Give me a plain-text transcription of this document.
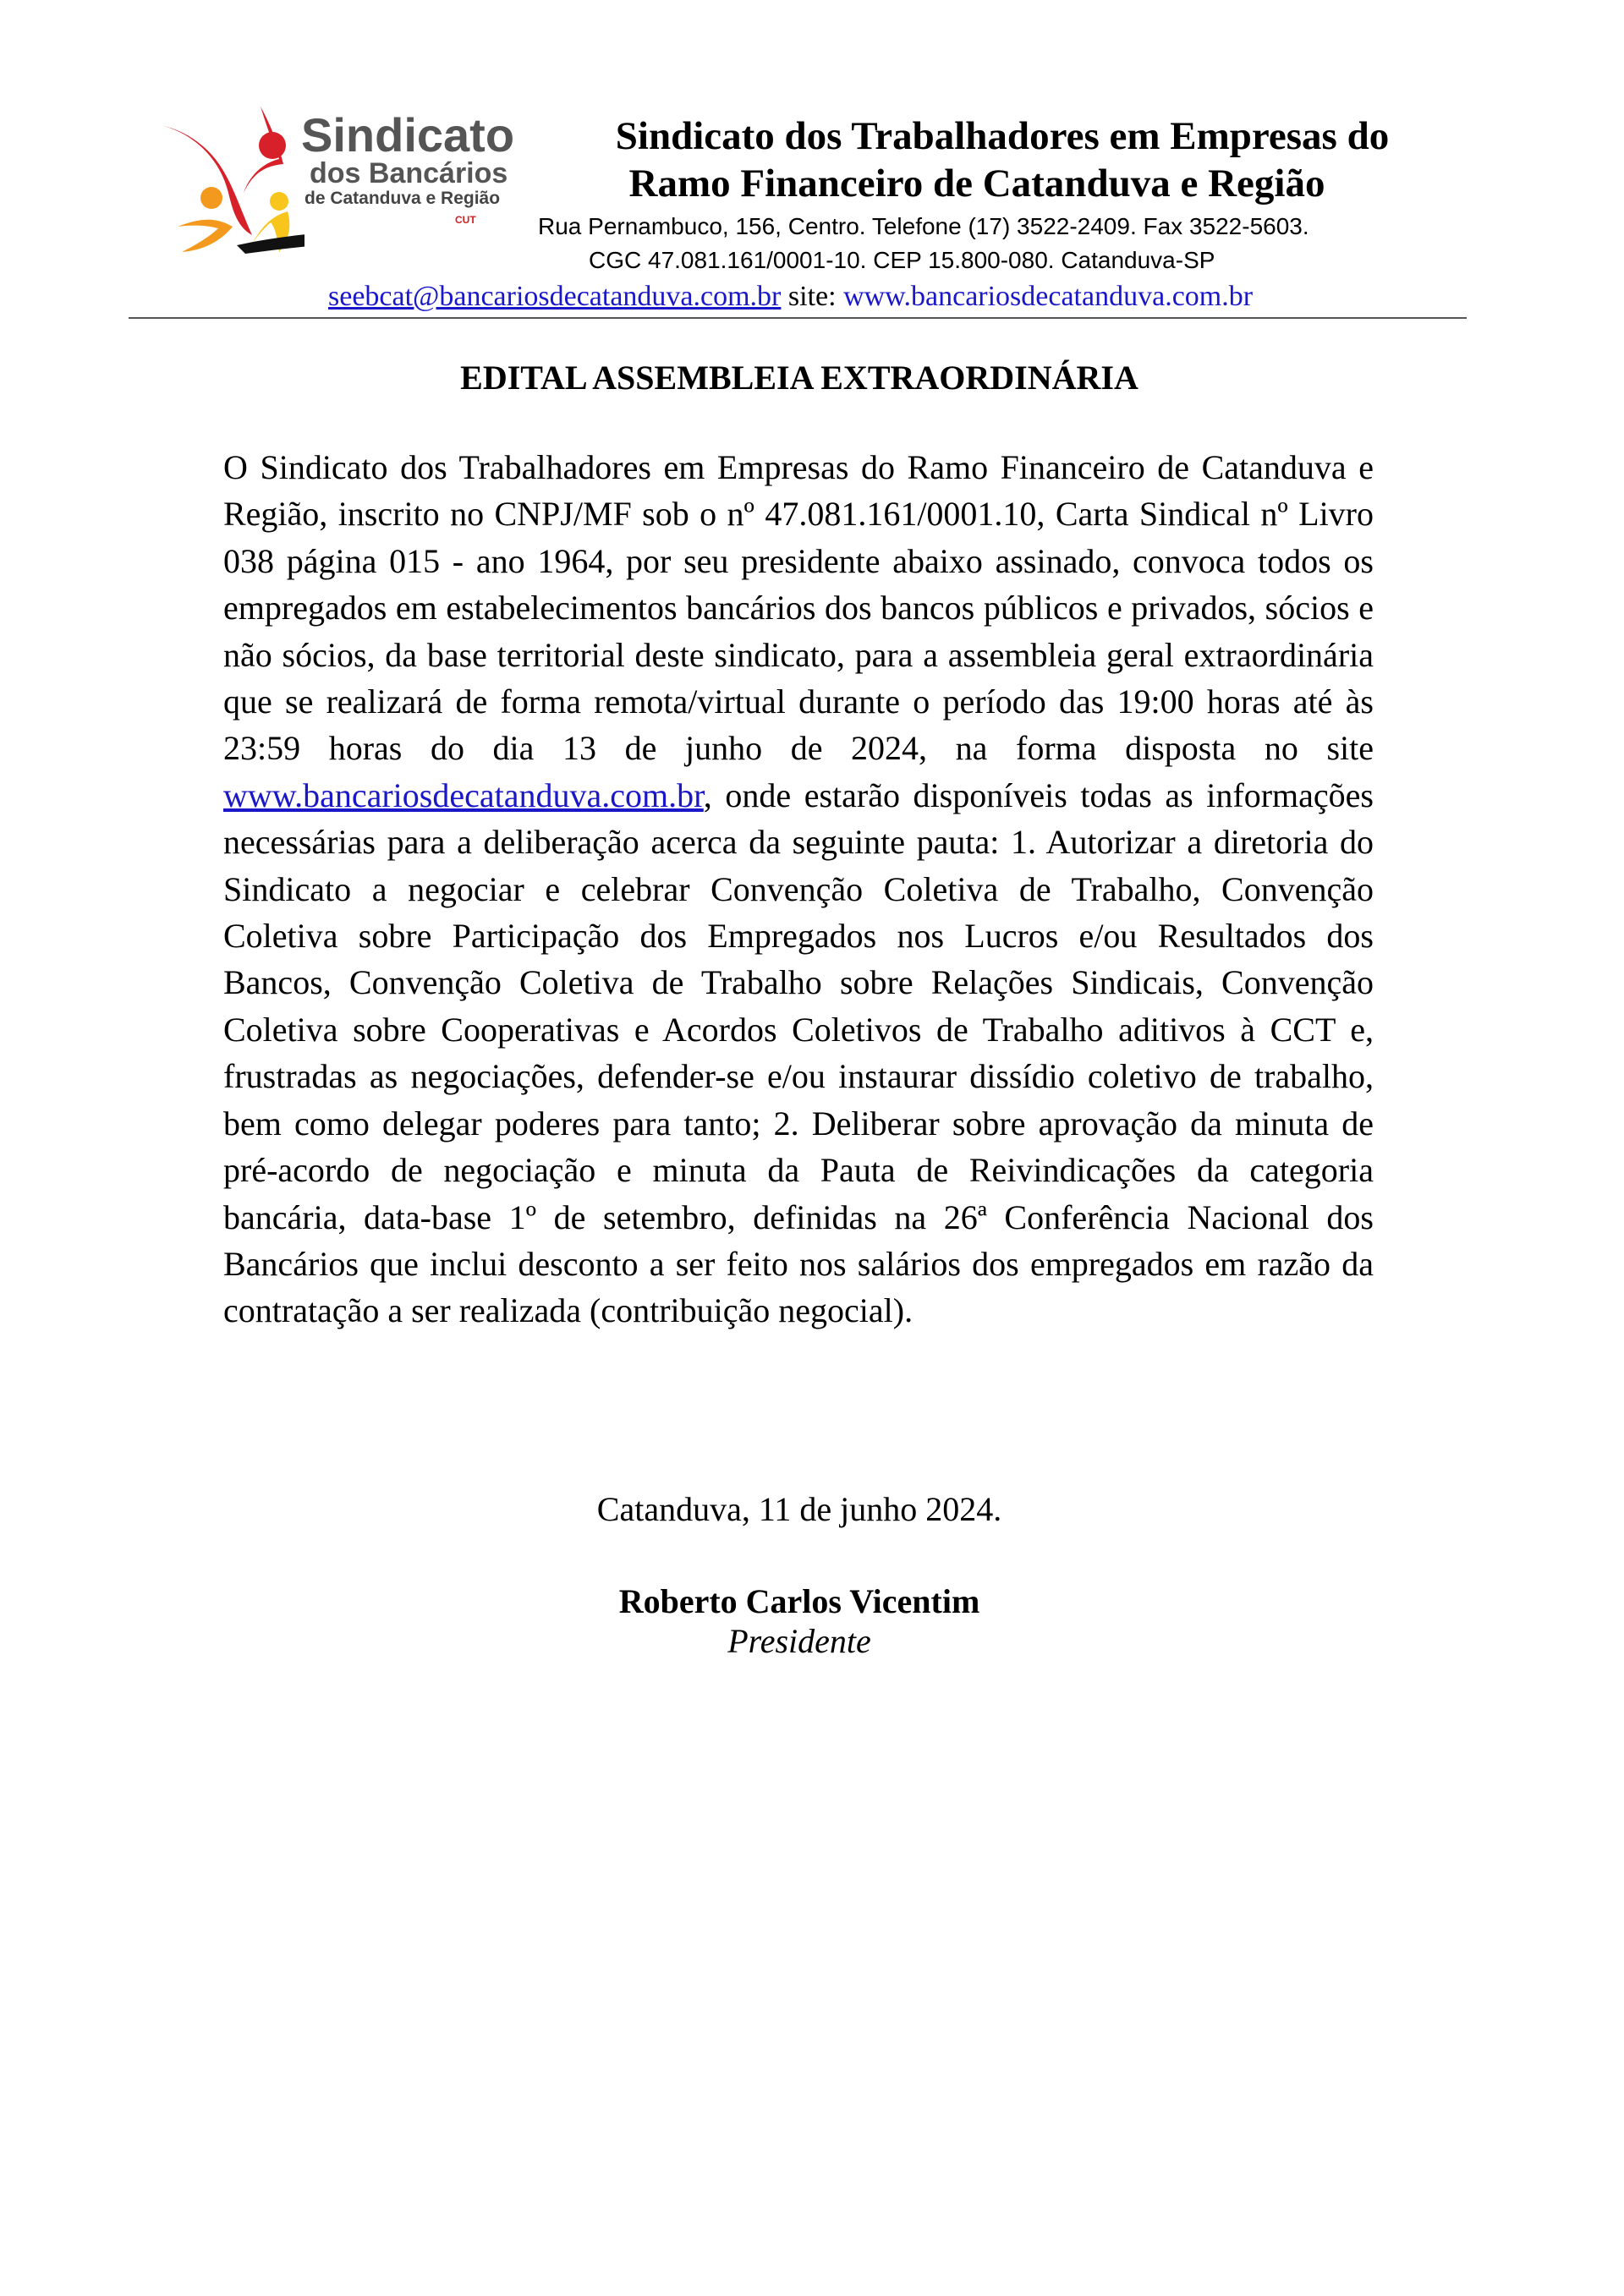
Sindicato
dos Bancários
de Catanduva e Região
CUT
Sindicato dos Trabalhadores em Empresas do
Ramo Financeiro de Catanduva e Região
Rua Pernambuco, 156, Centro. Telefone (17) 3522-2409. Fax 3522-5603.
CGC 47.081.161/0001-10. CEP 15.800-080. Catanduva-SP
seebcat@bancariosdecatanduva.com.br site: www.bancariosdecatanduva.com.br
EDITAL ASSEMBLEIA EXTRAORDINÁRIA

O Sindicato dos Trabalhadores em Empresas do Ramo Financeiro de Catanduva e Região, inscrito no CNPJ/MF sob o nº 47.081.161/0001.10, Carta Sindical nº Livro 038 página 015 - ano 1964, por seu presidente abaixo assinado, convoca todos os empregados em estabelecimentos bancários dos bancos públicos e privados, sócios e não sócios, da base territorial deste sindicato, para a assembleia geral extraordinária que se realizará de forma remota/virtual durante o período das 19:00 horas até às 23:59 horas do dia 13 de junho de 2024, na forma disposta no site www.bancariosdecatanduva.com.br, onde estarão disponíveis todas as informações necessárias para a deliberação acerca da seguinte pauta: 1. Autorizar a diretoria do Sindicato a negociar e celebrar Convenção Coletiva de Trabalho, Convenção Coletiva sobre Participação dos Empregados nos Lucros e/ou Resultados dos Bancos, Convenção Coletiva de Trabalho sobre Relações Sindicais, Convenção Coletiva sobre Cooperativas e Acordos Coletivos de Trabalho aditivos à CCT e, frustradas as negociações, defender-se e/ou instaurar dissídio coletivo de trabalho, bem como delegar poderes para tanto; 2. Deliberar sobre aprovação da minuta de pré-acordo de negociação e minuta da Pauta de Reivindicações da categoria bancária, data-base 1º de setembro, definidas na 26ª Conferência Nacional dos Bancários que inclui desconto a ser feito nos salários dos empregados em razão da contratação a ser realizada (contribuição negocial).

Catanduva, 11 de junho 2024.
Roberto Carlos Vicentim
Presidente
